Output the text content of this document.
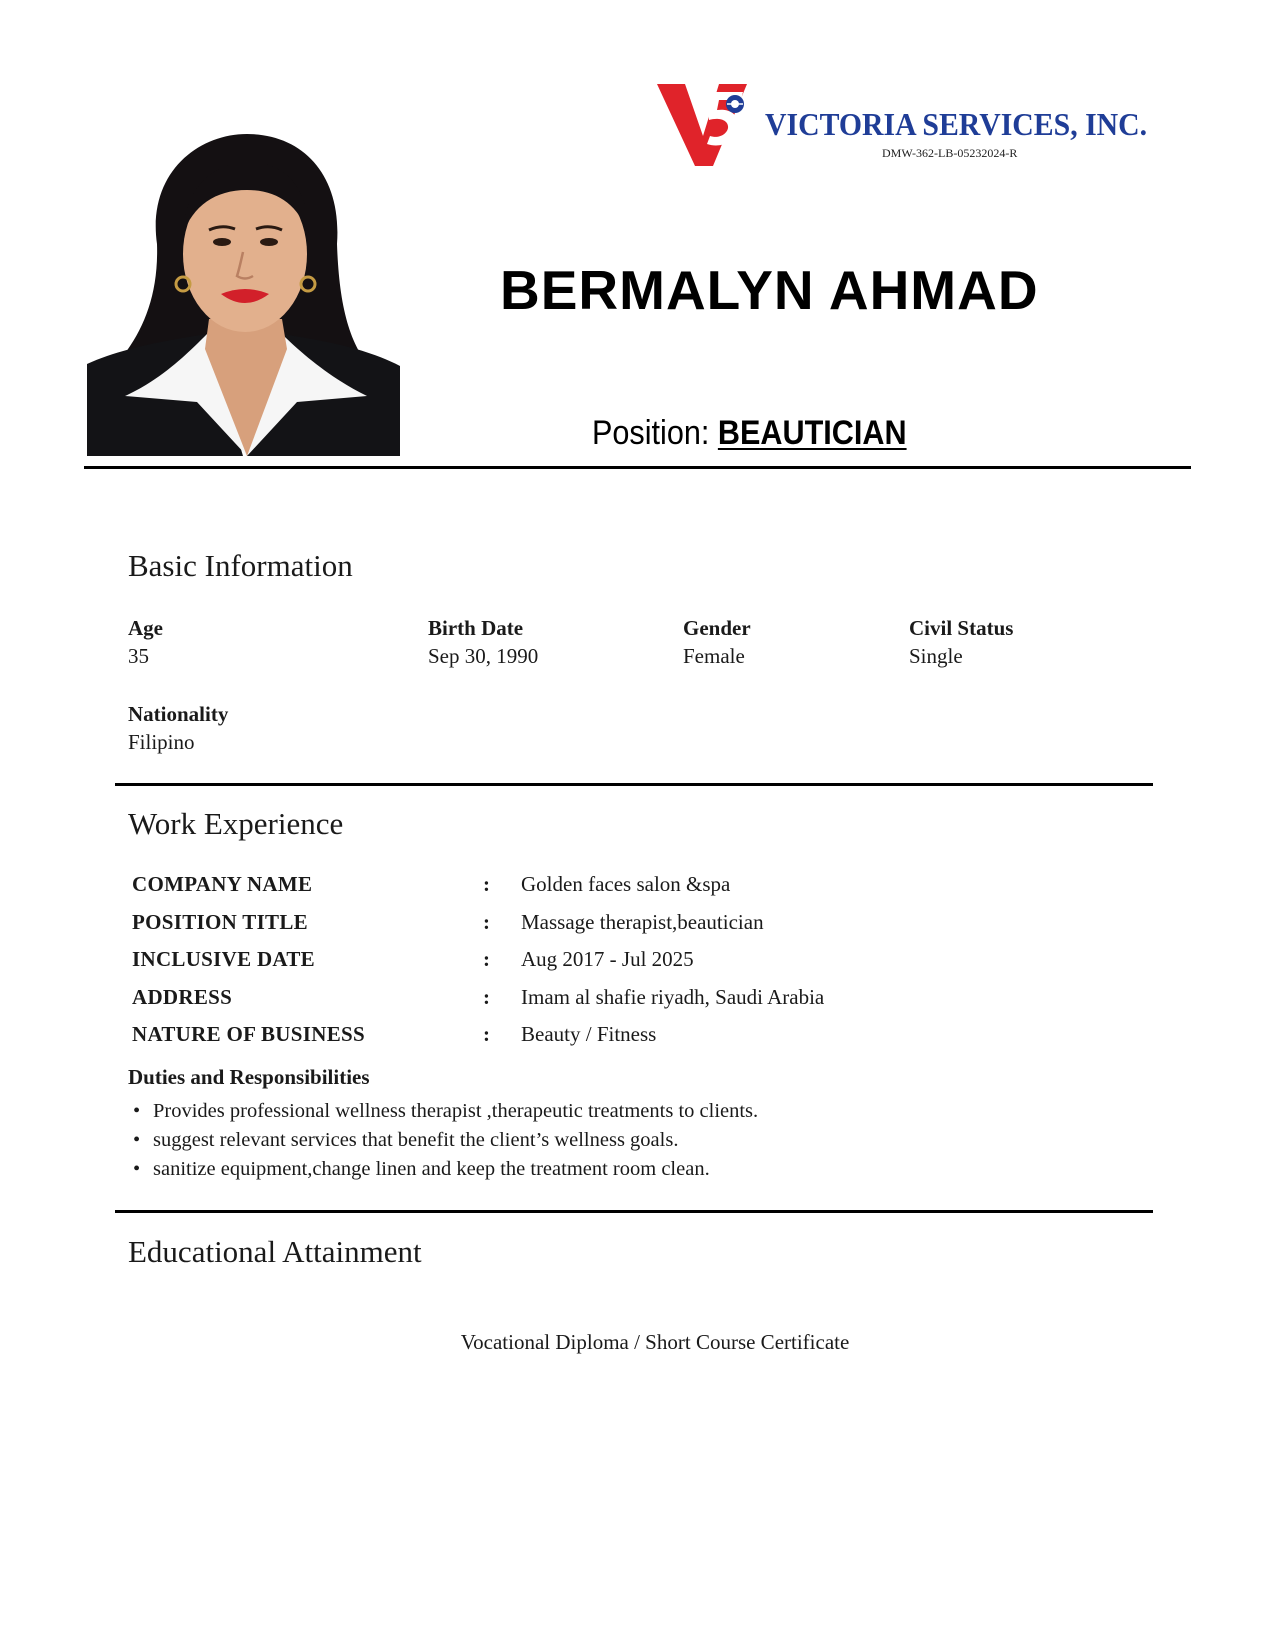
VICTORIA SERVICES, INC.
DMW-362-LB-05232024-R
BERMALYN AHMAD
Position: BEAUTICIAN
Basic Information
Age
35
Birth Date
Sep 30, 1990
Gender
Female
Civil Status
Single
Nationality
Filipino
Work Experience
COMPANY NAME	: Golden faces salon &spa
POSITION TITLE	: Massage therapist,beautician
INCLUSIVE DATE	: Aug 2017 - Jul 2025
ADDRESS	: Imam al shafie riyadh, Saudi Arabia
NATURE OF BUSINESS	: Beauty / Fitness
Duties and Responsibilities
• Provides professional wellness therapist ,therapeutic treatments to clients.
• suggest relevant services that benefit the client’s wellness goals.
• sanitize equipment,change linen and keep the treatment room clean.
Educational Attainment
Vocational Diploma / Short Course Certificate
